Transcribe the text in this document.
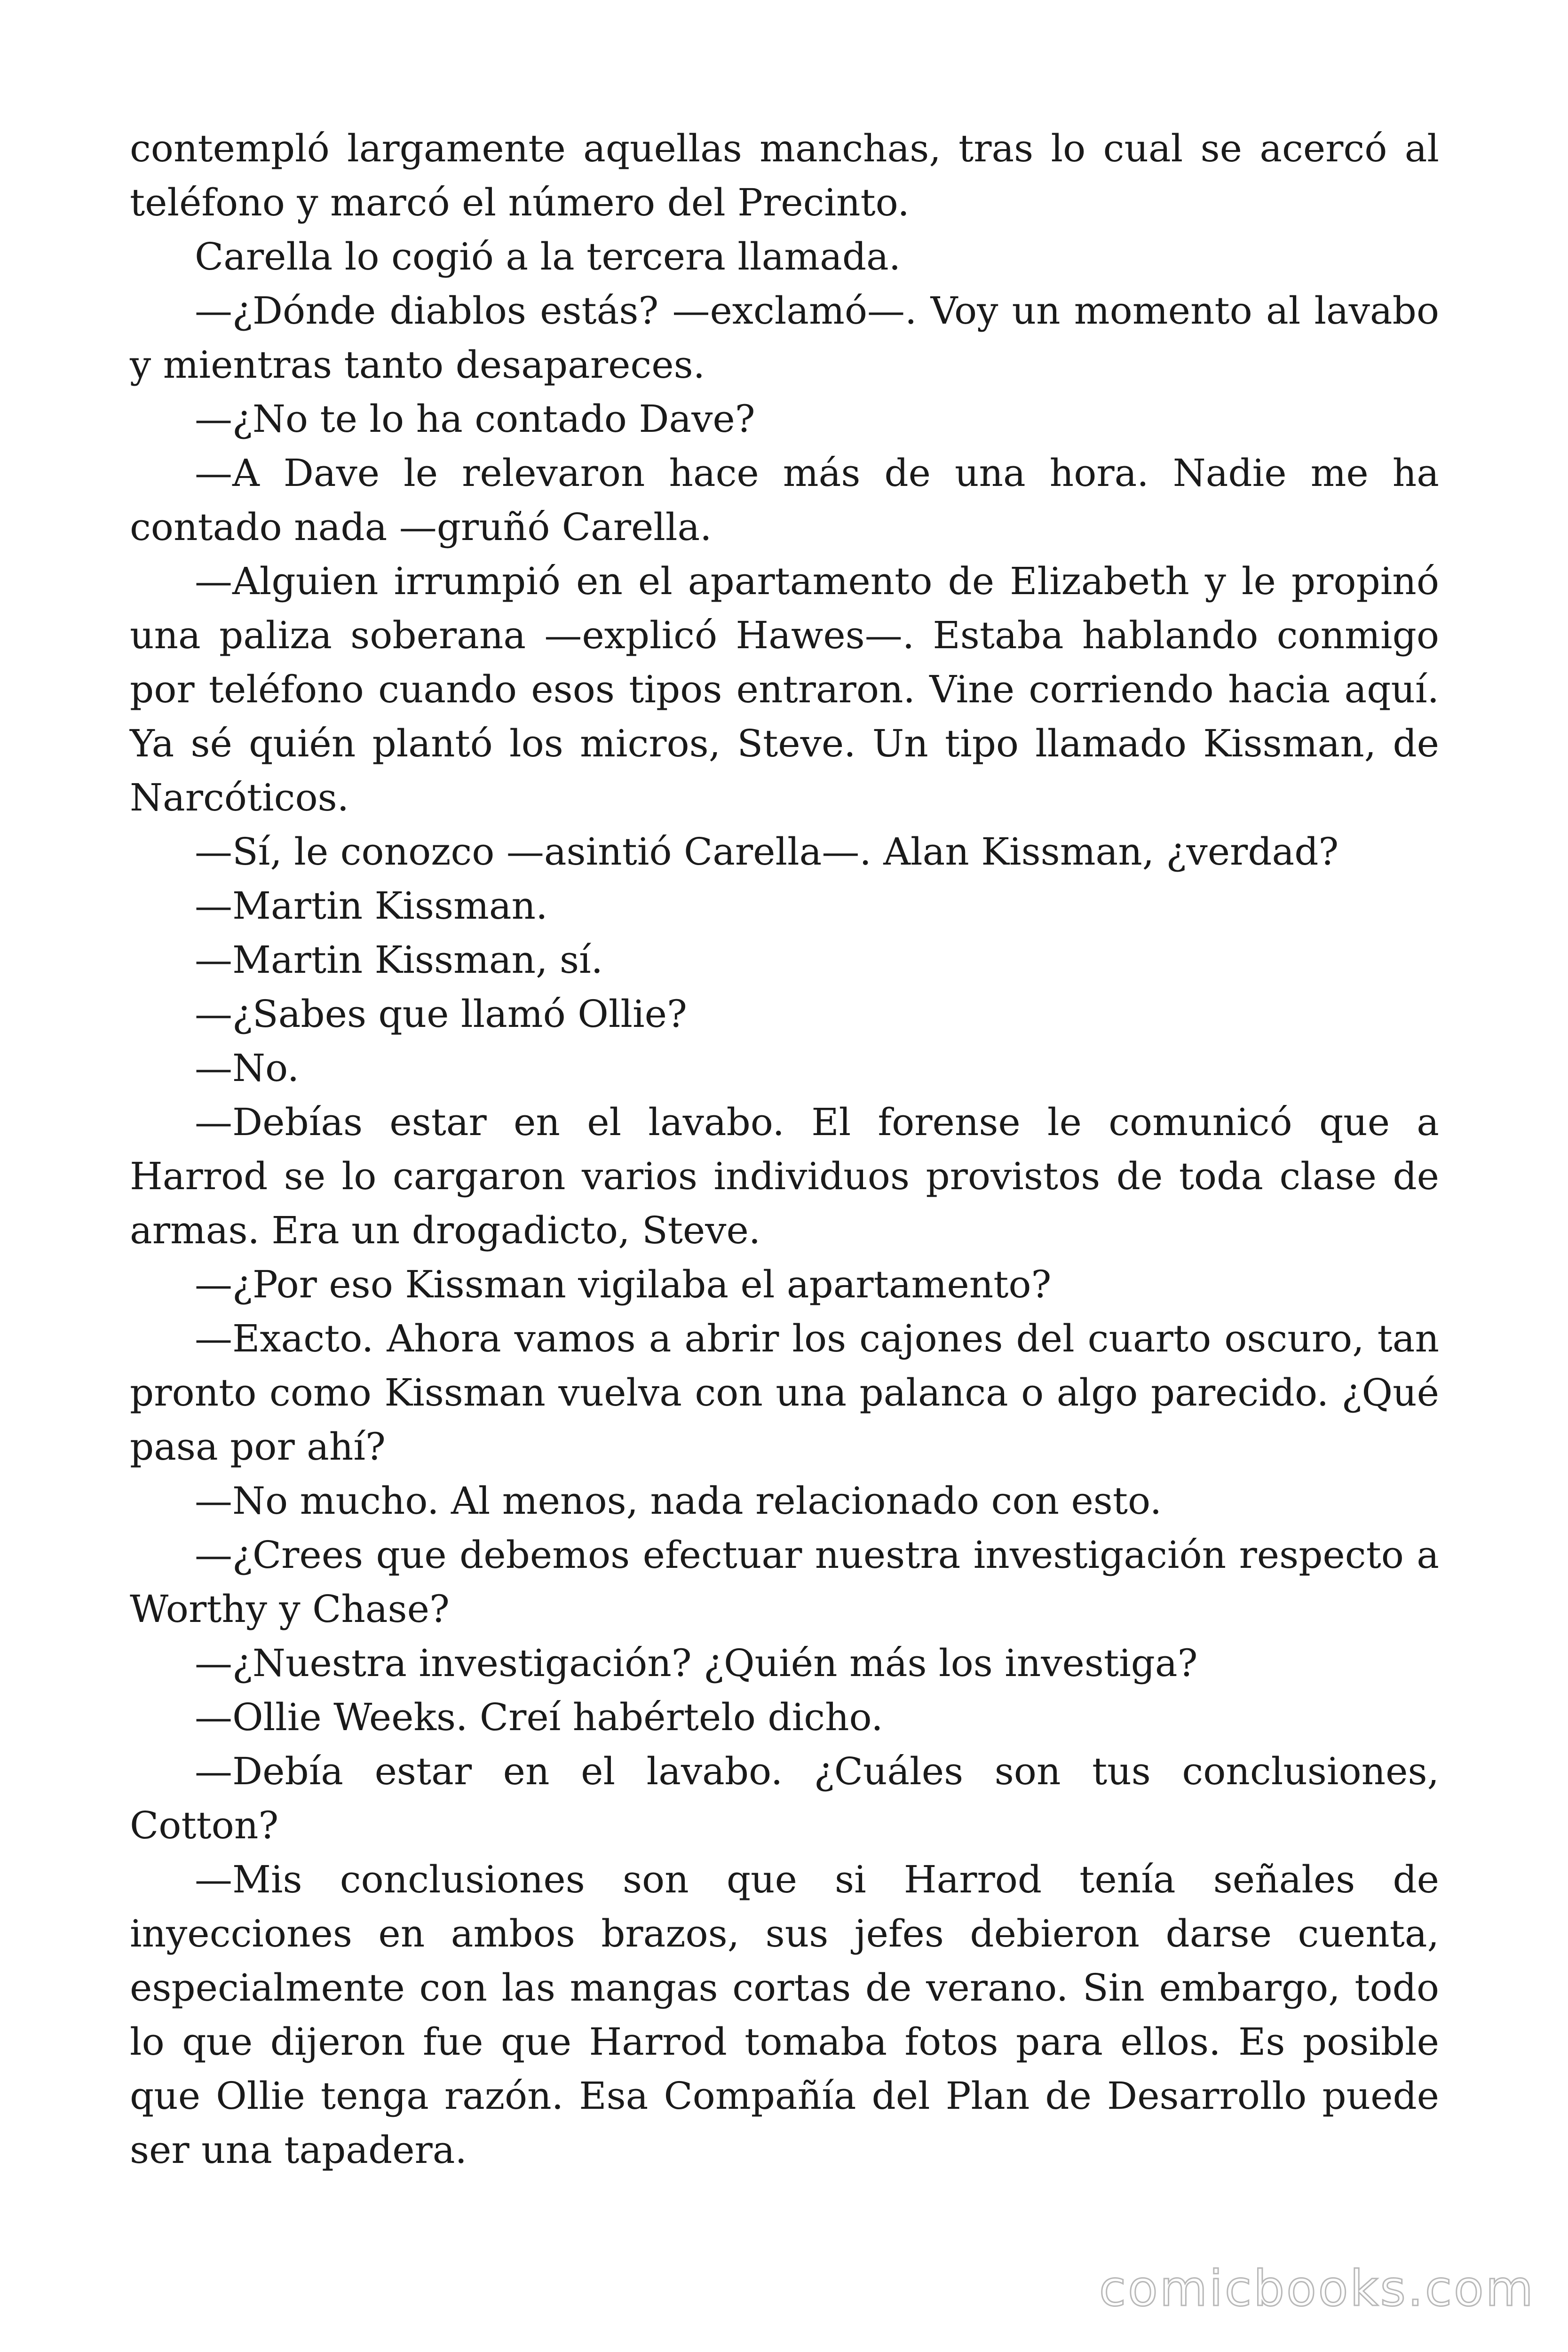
contempló largamente aquellas manchas, tras lo cual se acercó al teléfono y marcó el número del Precinto.

Carella lo cogió a la tercera llamada.

—¿Dónde diablos estás? —exclamó—. Voy un momento al lavabo y mientras tanto desapareces.

—¿No te lo ha contado Dave?

—A Dave le relevaron hace más de una hora. Nadie me ha contado nada —gruñó Carella.

—Alguien irrumpió en el apartamento de Elizabeth y le propinó una paliza soberana —explicó Hawes—. Estaba hablando conmigo por teléfono cuando esos tipos entraron. Vine corriendo hacia aquí. Ya sé quién plantó los micros, Steve. Un tipo llamado Kissman, de Narcóticos.

—Sí, le conozco —asintió Carella—. Alan Kissman, ¿verdad?

—Martin Kissman.

—Martin Kissman, sí.

—¿Sabes que llamó Ollie?

—No.

—Debías estar en el lavabo. El forense le comunicó que a Harrod se lo cargaron varios individuos provistos de toda clase de armas. Era un drogadicto, Steve.

—¿Por eso Kissman vigilaba el apartamento?

—Exacto. Ahora vamos a abrir los cajones del cuarto oscuro, tan pronto como Kissman vuelva con una palanca o algo parecido. ¿Qué pasa por ahí?

—No mucho. Al menos, nada relacionado con esto.

—¿Crees que debemos efectuar nuestra investigación respecto a Worthy y Chase?

—¿Nuestra investigación? ¿Quién más los investiga?

—Ollie Weeks. Creí habértelo dicho.

—Debía estar en el lavabo. ¿Cuáles son tus conclusiones, Cotton?

—Mis conclusiones son que si Harrod tenía señales de inyecciones en ambos brazos, sus jefes debieron darse cuenta, especialmente con las mangas cortas de verano. Sin embargo, todo lo que dijeron fue que Harrod tomaba fotos para ellos. Es posible que Ollie tenga razón. Esa Compañía del Plan de Desarrollo puede ser una tapadera.

comicbooks.com
